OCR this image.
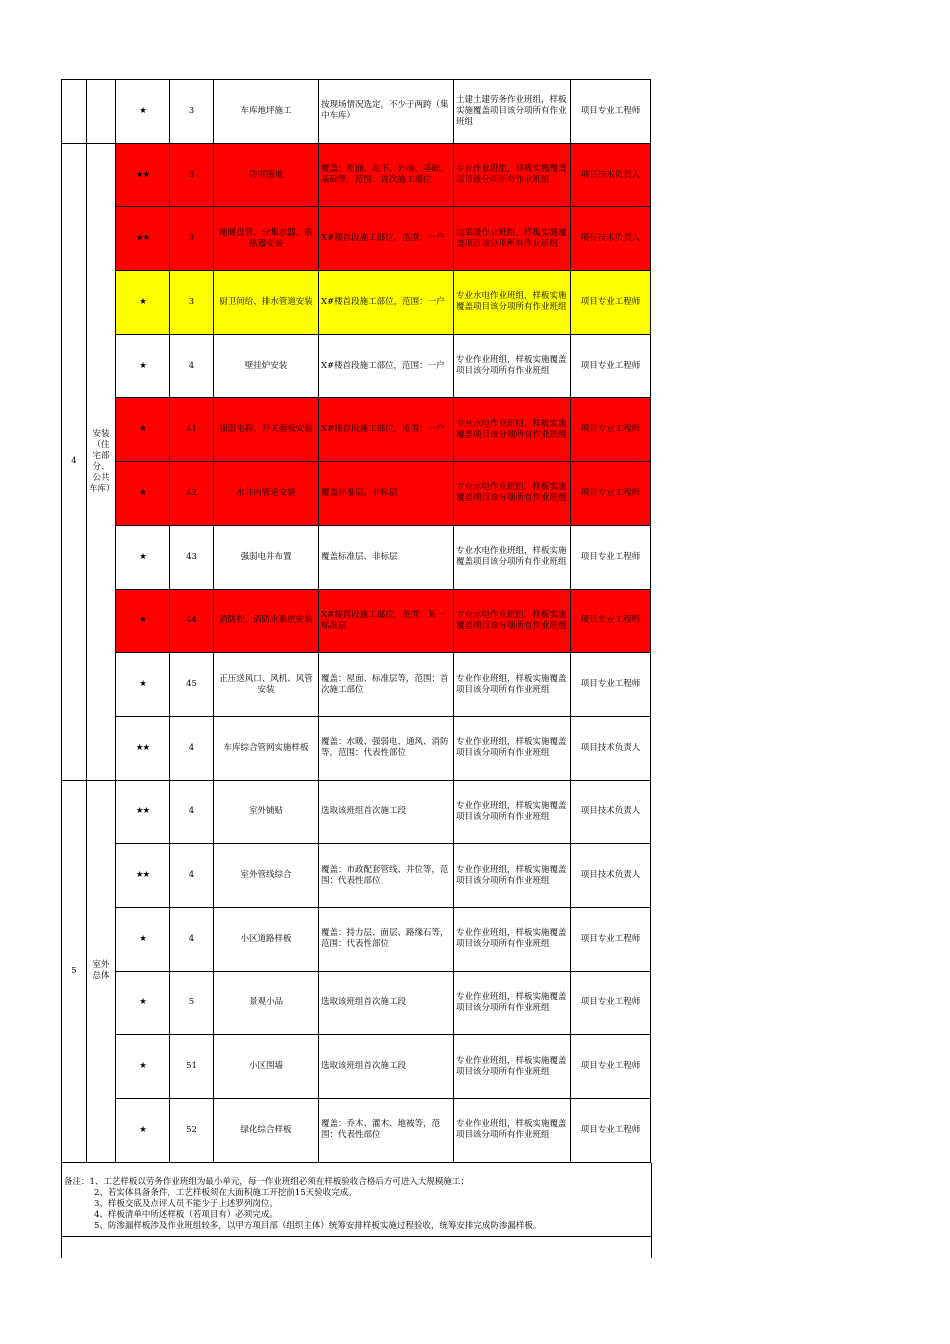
		★	3	车库地坪施工	按现场情况选定，不少于两跨（集中车库）	土建土建劳务作业班组，样板实施覆盖项目该分项所有作业班组	项目专业工程师
4	安装（住宅部分、公共车库）	★★	3	防雷接地	覆盖：屋面、地下、外墙、基础、基础等，范围：首次施工部位	专业作业班组，样板实施覆盖项目该分项所有作业班组	项目技术负责人
		★★	3	地暖盘管、分集水器、散热器安装	X#楼首段施工部位，范围：一户	地采暖作业班组，样板实施覆盖项目该分项所有作业班组	项目技术负责人
		★	3	厨卫间给、排水管道安装	X#楼首段施工部位，范围：一户	专业水电作业班组，样板实施覆盖项目该分项所有作业班组	项目专业工程师
		★	4	壁挂炉安装	X#楼首段施工部位，范围：一户	专业作业班组，样板实施覆盖项目该分项所有作业班组	项目专业工程师
		★	41	强弱电箱、开关面板安装	X#楼首段施工部位，范围：一户	专业水电作业班组，样板实施覆盖项目该分项所有作业班组	项目专业工程师
		★	42	水井内管道安装	覆盖标准层、非标层	专业水电作业班组，样板实施覆盖项目该分项所有作业班组	项目专业工程师
		★	43	强弱电井布置	覆盖标准层、非标层	专业水电作业班组，样板实施覆盖项目该分项所有作业班组	项目专业工程师
		★	44	消防栓、消防水系统安装	X#楼首段施工部位，范围：某一标准层	专业水电作业班组，样板实施覆盖项目该分项所有作业班组	项目专业工程师
		★	45	正压送风口、风机、风管安装	覆盖：屋面、标准层等，范围：首次施工部位	专业作业班组，样板实施覆盖项目该分项所有作业班组	项目专业工程师
		★★	4	车库综合管网实施样板	覆盖：水暖、强弱电、通风、消防等，范围：代表性部位	专业作业班组，样板实施覆盖项目该分项所有作业班组	项目技术负责人
5	室外总体	★★	4	室外铺贴	选取该班组首次施工段	专业作业班组，样板实施覆盖项目该分项所有作业班组	项目技术负责人
		★★	4	室外管线综合	覆盖：市政配套管线、井位等，范围：代表性部位	专业作业班组，样板实施覆盖项目该分项所有作业班组	项目技术负责人
		★	4	小区道路样板	覆盖：持力层、面层、路缘石等，范围：代表性部位	专业作业班组，样板实施覆盖项目该分项所有作业班组	项目专业工程师
		★	5	景观小品	选取该班组首次施工段	专业作业班组，样板实施覆盖项目该分项所有作业班组	项目专业工程师
		★	51	小区围墙	选取该班组首次施工段	专业作业班组，样板实施覆盖项目该分项所有作业班组	项目专业工程师
		★	52	绿化综合样板	覆盖：乔木、灌木、地被等，范围：代表性部位	专业作业班组，样板实施覆盖项目该分项所有作业班组	项目专业工程师
备注：1、工艺样板以劳务作业班组为最小单元，每一作业班组必须在样板验收合格后方可进入大规模施工；
2、若实体具备条件，工艺样板须在大面积施工开挖前15天验收完成。
3、样板交底及点评人员不能少于上述罗列岗位。
4、样板清单中所述样板（若项目有）必须完成。
5、防渗漏样板涉及作业班组较多，以甲方项目部（组织主体）统筹安排样板实施过程验收，统筹安排完成防渗漏样板。
